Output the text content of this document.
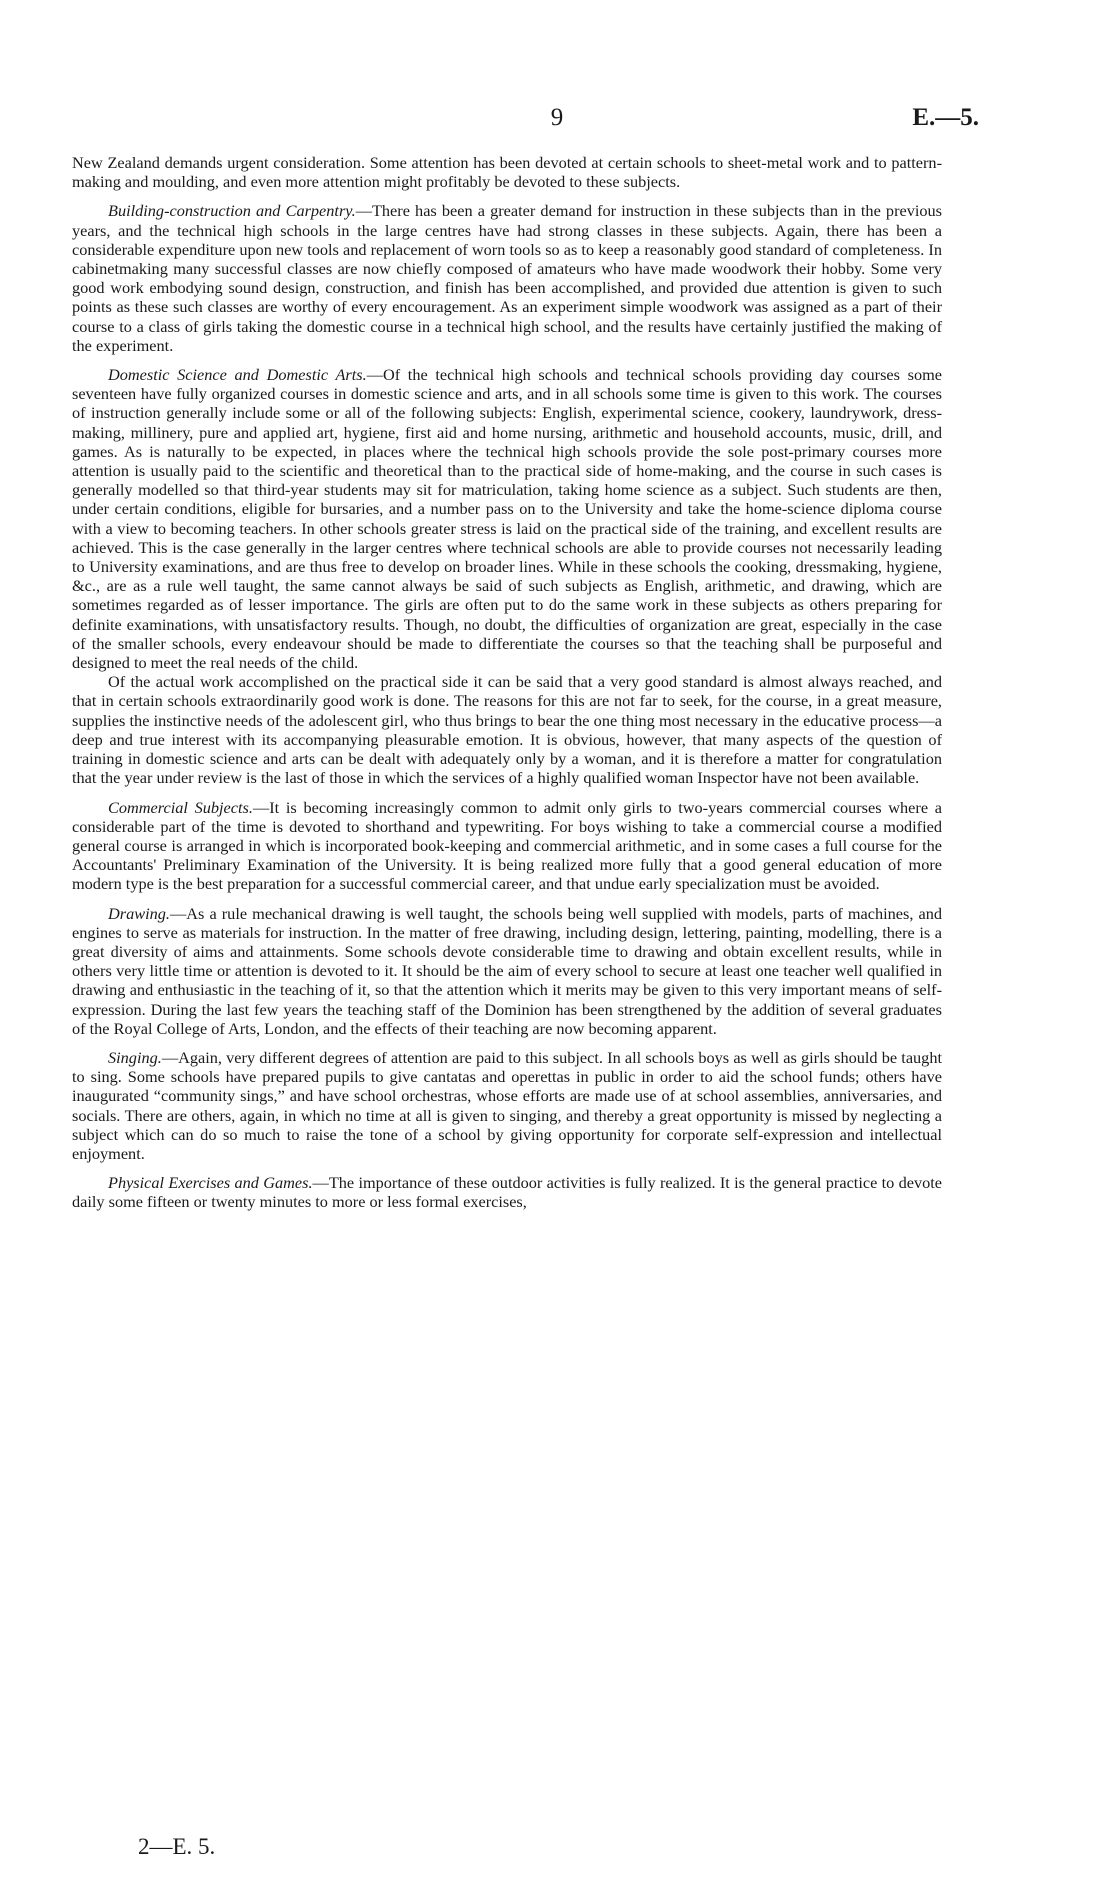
9	E.—5.

New Zealand demands urgent consideration. Some attention has been devoted at certain schools to sheet-metal work and to pattern-making and moulding, and even more attention might profitably be devoted to these subjects.

Building-construction and Carpentry.—There has been a greater demand for instruction in these subjects than in the previous years, and the technical high schools in the large centres have had strong classes in these subjects. Again, there has been a considerable expenditure upon new tools and replacement of worn tools so as to keep a reasonably good standard of completeness. In cabinetmaking many successful classes are now chiefly composed of amateurs who have made woodwork their hobby. Some very good work embodying sound design, construction, and finish has been accomplished, and provided due attention is given to such points as these such classes are worthy of every encouragement. As an experiment simple woodwork was assigned as a part of their course to a class of girls taking the domestic course in a technical high school, and the results have certainly justified the making of the experiment.

Domestic Science and Domestic Arts.—Of the technical high schools and technical schools providing day courses some seventeen have fully organized courses in domestic science and arts, and in all schools some time is given to this work. The courses of instruction generally include some or all of the following subjects: English, experimental science, cookery, laundrywork, dress-making, millinery, pure and applied art, hygiene, first aid and home nursing, arithmetic and household accounts, music, drill, and games. As is naturally to be expected, in places where the technical high schools provide the sole post-primary courses more attention is usually paid to the scientific and theoretical than to the practical side of home-making, and the course in such cases is generally modelled so that third-year students may sit for matriculation, taking home science as a subject. Such students are then, under certain conditions, eligible for bursaries, and a number pass on to the University and take the home-science diploma course with a view to becoming teachers. In other schools greater stress is laid on the practical side of the training, and excellent results are achieved. This is the case generally in the larger centres where technical schools are able to provide courses not necessarily leading to University examinations, and are thus free to develop on broader lines. While in these schools the cooking, dressmaking, hygiene, &c., are as a rule well taught, the same cannot always be said of such subjects as English, arithmetic, and drawing, which are sometimes regarded as of lesser importance. The girls are often put to do the same work in these subjects as others preparing for definite examinations, with unsatisfactory results. Though, no doubt, the difficulties of organization are great, especially in the case of the smaller schools, every endeavour should be made to differentiate the courses so that the teaching shall be purposeful and designed to meet the real needs of the child.

Of the actual work accomplished on the practical side it can be said that a very good standard is almost always reached, and that in certain schools extraordinarily good work is done. The reasons for this are not far to seek, for the course, in a great measure, supplies the instinctive needs of the adolescent girl, who thus brings to bear the one thing most necessary in the educative process—a deep and true interest with its accompanying pleasurable emotion. It is obvious, however, that many aspects of the question of training in domestic science and arts can be dealt with adequately only by a woman, and it is therefore a matter for congratulation that the year under review is the last of those in which the services of a highly qualified woman Inspector have not been available.

Commercial Subjects.—It is becoming increasingly common to admit only girls to two-years commercial courses where a considerable part of the time is devoted to shorthand and typewriting. For boys wishing to take a commercial course a modified general course is arranged in which is incorporated book-keeping and commercial arithmetic, and in some cases a full course for the Accountants' Preliminary Examination of the University. It is being realized more fully that a good general education of more modern type is the best preparation for a successful commercial career, and that undue early specialization must be avoided.

Drawing.—As a rule mechanical drawing is well taught, the schools being well supplied with models, parts of machines, and engines to serve as materials for instruction. In the matter of free drawing, including design, lettering, painting, modelling, there is a great diversity of aims and attainments. Some schools devote considerable time to drawing and obtain excellent results, while in others very little time or attention is devoted to it. It should be the aim of every school to secure at least one teacher well qualified in drawing and enthusiastic in the teaching of it, so that the attention which it merits may be given to this very important means of self-expression. During the last few years the teaching staff of the Dominion has been strengthened by the addition of several graduates of the Royal College of Arts, London, and the effects of their teaching are now becoming apparent.

Singing.—Again, very different degrees of attention are paid to this subject. In all schools boys as well as girls should be taught to sing. Some schools have prepared pupils to give cantatas and operettas in public in order to aid the school funds; others have inaugurated “community sings,” and have school orchestras, whose efforts are made use of at school assemblies, anniversaries, and socials. There are others, again, in which no time at all is given to singing, and thereby a great opportunity is missed by neglecting a subject which can do so much to raise the tone of a school by giving opportunity for corporate self-expression and intellectual enjoyment.

Physical Exercises and Games.—The importance of these outdoor activities is fully realized. It is the general practice to devote daily some fifteen or twenty minutes to more or less formal exercises,

2—E. 5.
